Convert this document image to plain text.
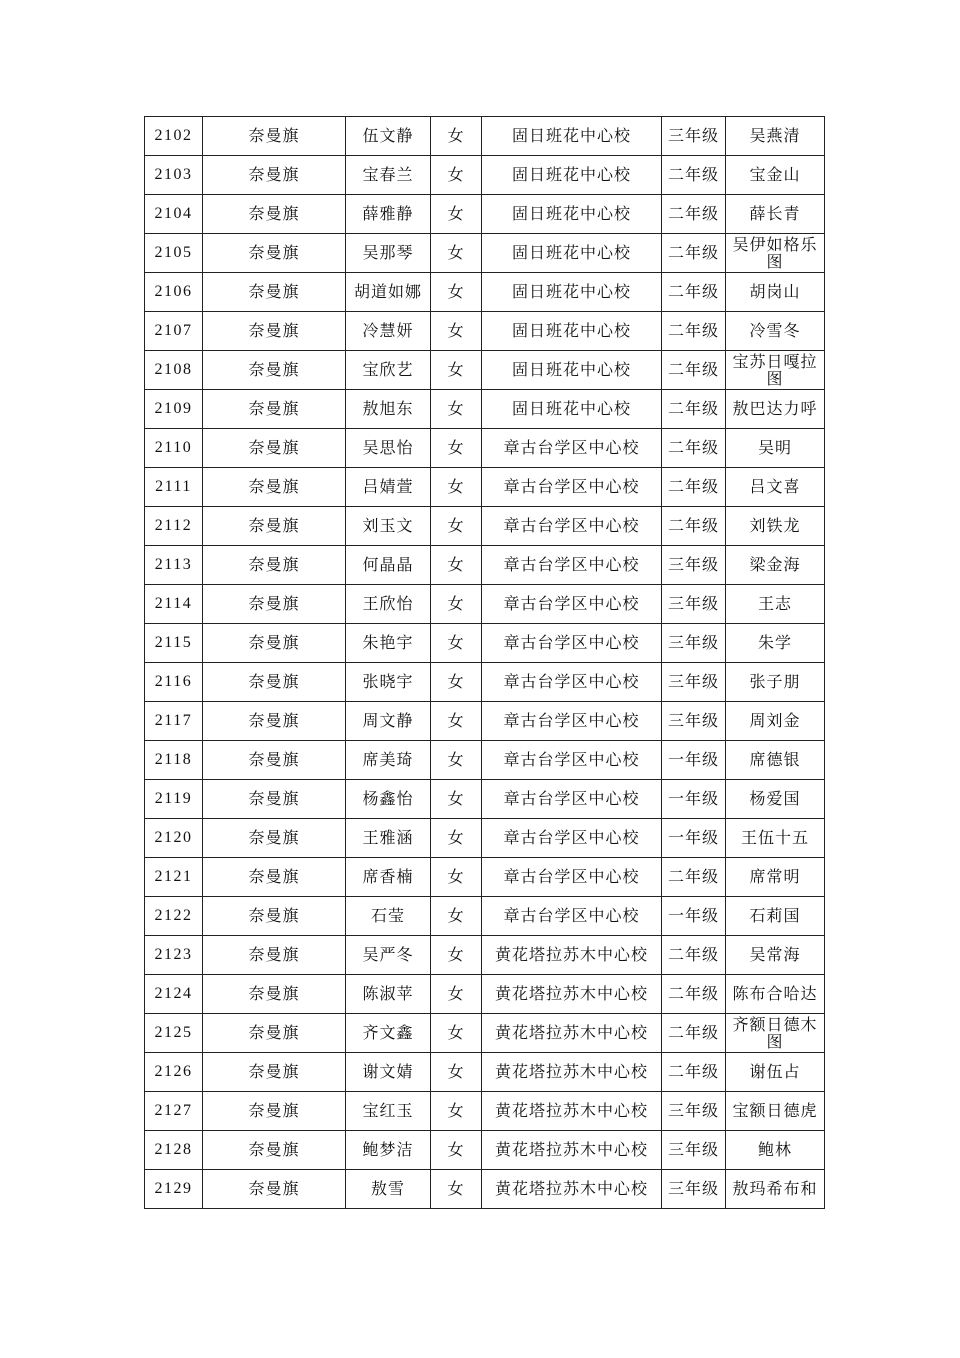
2102	奈曼旗	伍文静	女	固日班花中心校	三年级	吴燕清
2103	奈曼旗	宝春兰	女	固日班花中心校	二年级	宝金山
2104	奈曼旗	薛雅静	女	固日班花中心校	二年级	薛长青
2105	奈曼旗	吴那琴	女	固日班花中心校	二年级	吴伊如格乐图
2106	奈曼旗	胡道如娜	女	固日班花中心校	二年级	胡岗山
2107	奈曼旗	冷慧妍	女	固日班花中心校	二年级	冷雪冬
2108	奈曼旗	宝欣艺	女	固日班花中心校	二年级	宝苏日嘎拉图
2109	奈曼旗	敖旭东	女	固日班花中心校	二年级	敖巴达力呼
2110	奈曼旗	吴思怡	女	章古台学区中心校	二年级	吴明
2111	奈曼旗	吕婧萱	女	章古台学区中心校	二年级	吕文喜
2112	奈曼旗	刘玉文	女	章古台学区中心校	二年级	刘铁龙
2113	奈曼旗	何晶晶	女	章古台学区中心校	三年级	梁金海
2114	奈曼旗	王欣怡	女	章古台学区中心校	三年级	王志
2115	奈曼旗	朱艳宇	女	章古台学区中心校	三年级	朱学
2116	奈曼旗	张晓宇	女	章古台学区中心校	三年级	张子朋
2117	奈曼旗	周文静	女	章古台学区中心校	三年级	周刘金
2118	奈曼旗	席美琦	女	章古台学区中心校	一年级	席德银
2119	奈曼旗	杨鑫怡	女	章古台学区中心校	一年级	杨爱国
2120	奈曼旗	王雅涵	女	章古台学区中心校	一年级	王伍十五
2121	奈曼旗	席香楠	女	章古台学区中心校	二年级	席常明
2122	奈曼旗	石莹	女	章古台学区中心校	一年级	石莉国
2123	奈曼旗	吴严冬	女	黄花塔拉苏木中心校	二年级	吴常海
2124	奈曼旗	陈淑苹	女	黄花塔拉苏木中心校	二年级	陈布合哈达
2125	奈曼旗	齐文鑫	女	黄花塔拉苏木中心校	二年级	齐额日德木图
2126	奈曼旗	谢文婧	女	黄花塔拉苏木中心校	二年级	谢伍占
2127	奈曼旗	宝红玉	女	黄花塔拉苏木中心校	三年级	宝额日德虎
2128	奈曼旗	鲍梦洁	女	黄花塔拉苏木中心校	三年级	鲍林
2129	奈曼旗	敖雪	女	黄花塔拉苏木中心校	三年级	敖玛希布和
